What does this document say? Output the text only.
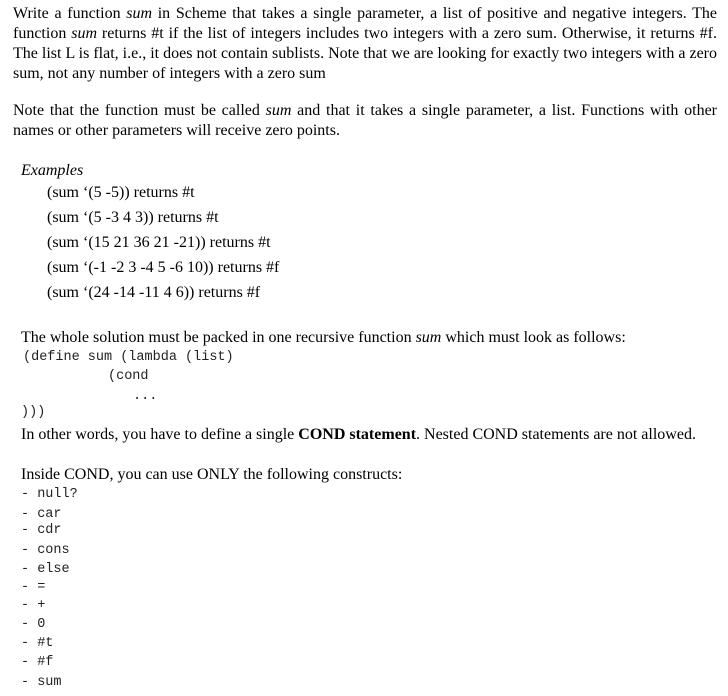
Write a function sum in Scheme that takes a single parameter, a list of positive and negative integers. The function sum returns #t if the list of integers includes two integers with a zero sum. Otherwise, it returns #f. The list L is flat, i.e., it does not contain sublists. Note that we are looking for exactly two integers with a zero sum, not any number of integers with a zero sum

Note that the function must be called sum and that it takes a single parameter, a list. Functions with other names or other parameters will receive zero points.

Examples
(sum ‘(5 -5)) returns #t
(sum ‘(5 -3 4 3)) returns #t
(sum ‘(15 21 36 21 -21)) returns #t
(sum ‘(-1 -2 3 -4 5 -6 10)) returns #f
(sum ‘(24 -14 -11 4 6)) returns #f
The whole solution must be packed in one recursive function sum which must look as follows:
(define sum (lambda (list)
(cond
...
)))

In other words, you have to define a single COND statement. Nested COND statements are not allowed.

Inside COND, you can use ONLY the following constructs:
- null?
- car
- cdr
- cons
- else
- =
- +
- 0
- #t
- #f
- sum
